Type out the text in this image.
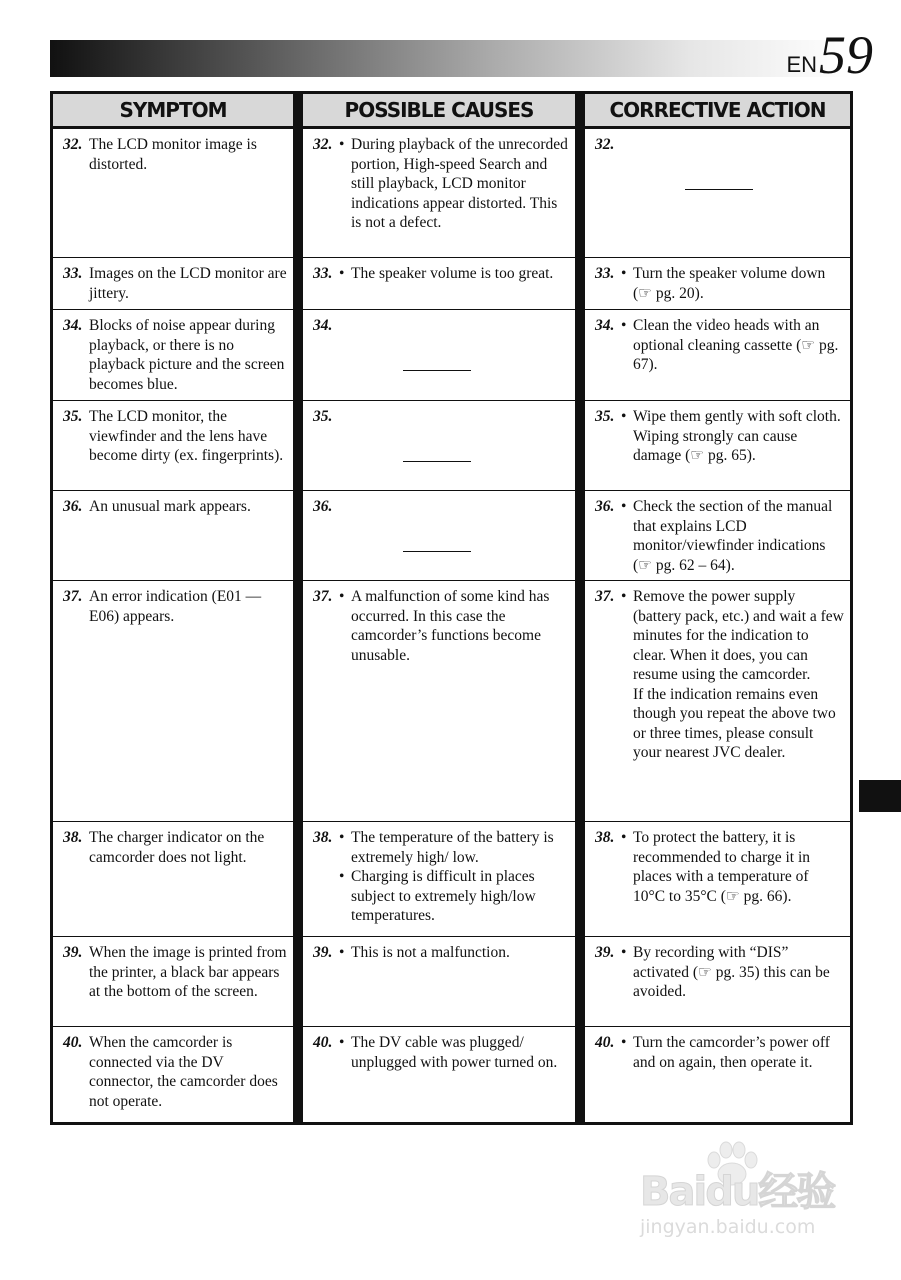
EN 59
SYMPTOM
32. The LCD monitor image is distorted.
33. Images on the LCD monitor are jittery.
34. Blocks of noise appear during playback, or there is no playback picture and the screen becomes blue.
35. The LCD monitor, the viewfinder and the lens have become dirty (ex. fingerprints).
36. An unusual mark appears.
37. An error indication (E01 — E06) appears.
38. The charger indicator on the camcorder does not light.
39. When the image is printed from the printer, a black bar appears at the bottom of the screen.
40. When the camcorder is connected via the DV connector, the camcorder does not operate.
POSSIBLE CAUSES
32. • During playback of the unrecorded portion, High-speed Search and still playback, LCD monitor indications appear distorted. This is not a defect.
33. • The speaker volume is too great.
34.
35.
36.
37. • A malfunction of some kind has occurred. In this case the camcorder’s functions become unusable.
38. • The temperature of the battery is extremely high/ low.
• Charging is difficult in places subject to extremely high/low temperatures.
39. • This is not a malfunction.
40. • The DV cable was plugged/ unplugged with power turned on.
CORRECTIVE ACTION
32.
33. • Turn the speaker volume down (☞ pg. 20).
34. • Clean the video heads with an optional cleaning cassette (☞ pg. 67).
35. • Wipe them gently with soft cloth. Wiping strongly can cause damage (☞ pg. 65).
36. • Check the section of the manual that explains LCD monitor/viewfinder indications (☞ pg. 62 – 64).
37. • Remove the power supply (battery pack, etc.) and wait a few minutes for the indication to clear. When it does, you can resume using the camcorder.
If the indication remains even though you repeat the above two or three times, please consult your nearest JVC dealer.
38. • To protect the battery, it is recommended to charge it in places with a temperature of 10°C to 35°C (☞ pg. 66).
39. • By recording with “DIS” activated (☞ pg. 35) this can be avoided.
40. • Turn the camcorder’s power off and on again, then operate it.
Baidu经验
jingyan.baidu.com
